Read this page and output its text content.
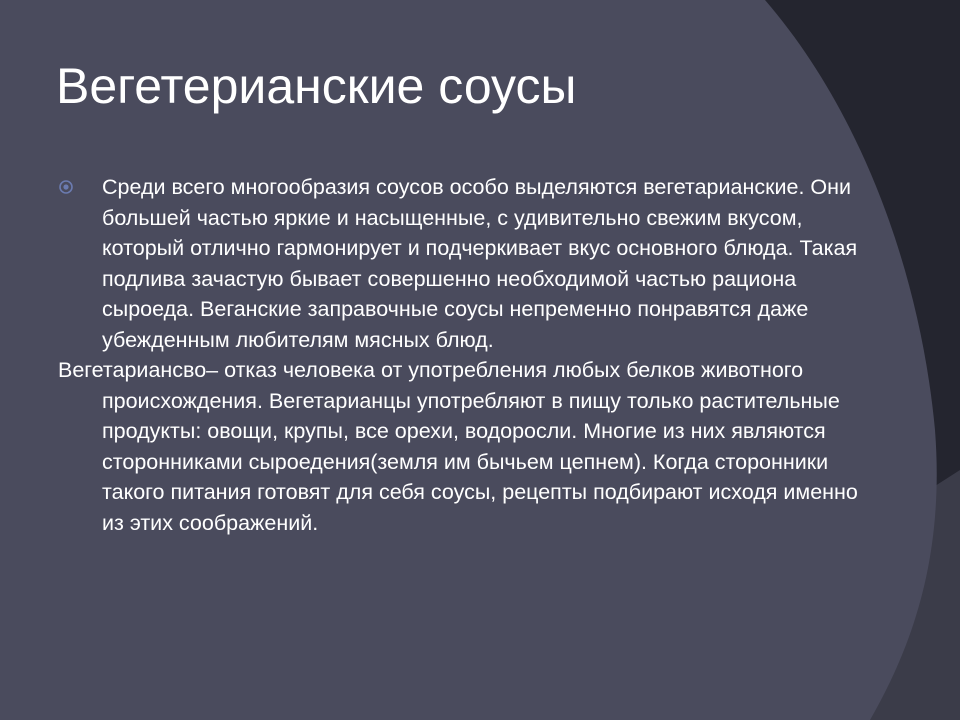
Вегетерианские соусы

Среди всего многообразия соусов особо выделяются вегетарианские. Они большей частью яркие и насыщенные, с удивительно свежим вкусом, который отлично гармонирует и подчеркивает вкус основного блюда. Такая подлива зачастую бывает совершенно необходимой частью рациона сыроеда. Веганские заправочные соусы непременно понравятся даже убежденным любителям мясных блюд.

Вегетариансво– отказ человека от употребления любых белков животного происхождения. Вегетарианцы употребляют в пищу только растительные продукты: овощи, крупы, все орехи, водоросли. Многие из них являются сторонниками сыроедения(земля им бычьем цепнем). Когда сторонники такого питания готовят для себя соусы, рецепты подбирают исходя именно из этих соображений.
